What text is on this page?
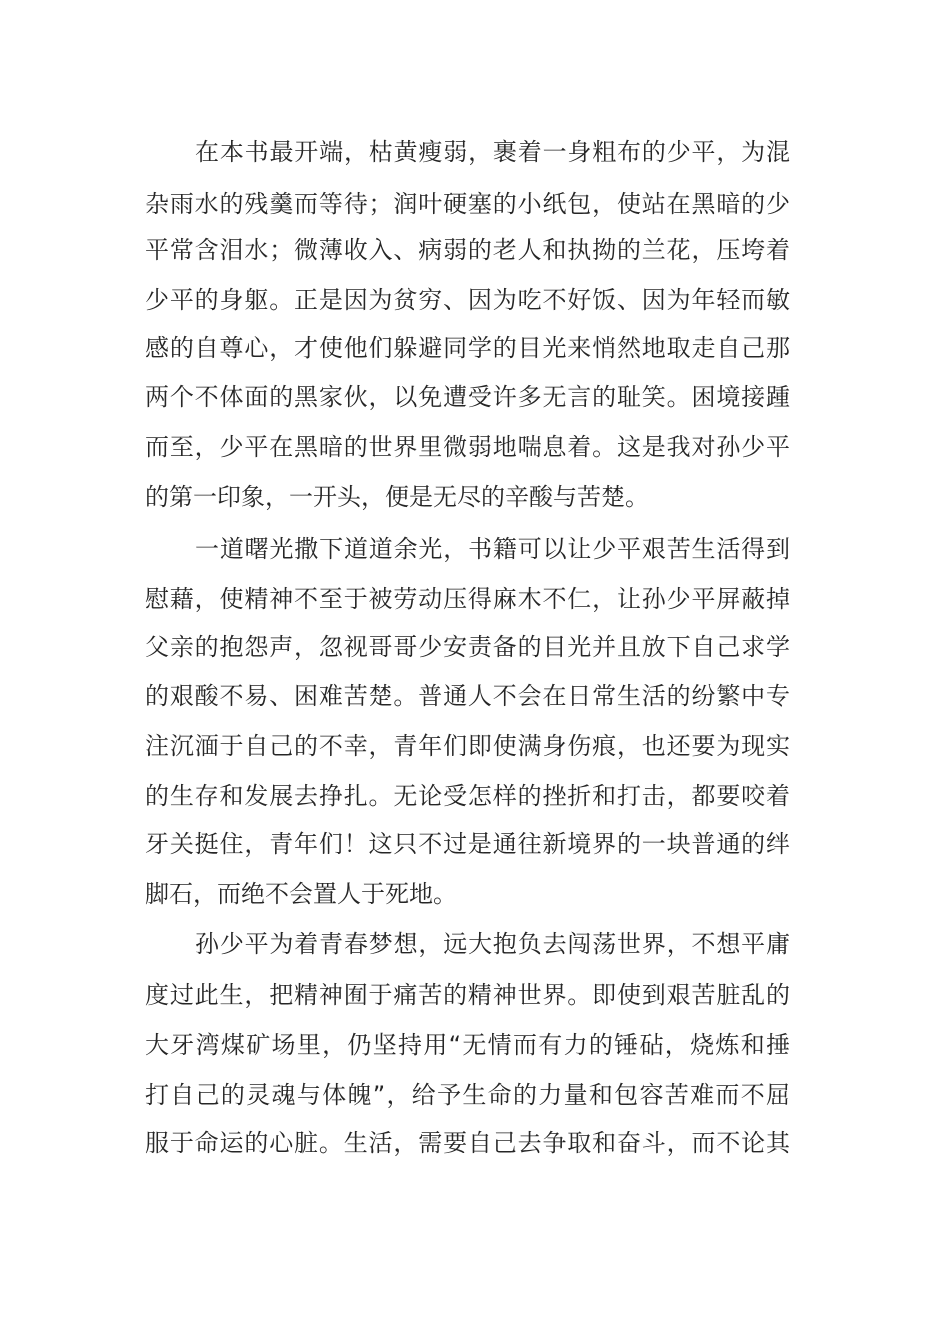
在本书最开端，枯黄瘦弱，裹着一身粗布的少平，为混
杂雨水的残羹而等待；润叶硬塞的小纸包，使站在黑暗的少
平常含泪水；微薄收入、病弱的老人和执拗的兰花，压垮着
少平的身躯。正是因为贫穷、因为吃不好饭、因为年轻而敏
感的自尊心，才使他们躲避同学的目光来悄然地取走自己那
两个不体面的黑家伙，以免遭受许多无言的耻笑。困境接踵
而至，少平在黑暗的世界里微弱地喘息着。这是我对孙少平
的第一印象，一开头，便是无尽的辛酸与苦楚。
一道曙光撒下道道余光，书籍可以让少平艰苦生活得到
慰藉，使精神不至于被劳动压得麻木不仁，让孙少平屏蔽掉
父亲的抱怨声，忽视哥哥少安责备的目光并且放下自己求学
的艰酸不易、困难苦楚。普通人不会在日常生活的纷繁中专
注沉湎于自己的不幸，青年们即使满身伤痕，也还要为现实
的生存和发展去挣扎。无论受怎样的挫折和打击，都要咬着
牙关挺住，青年们！这只不过是通往新境界的一块普通的绊
脚石，而绝不会置人于死地。
孙少平为着青春梦想，远大抱负去闯荡世界，不想平庸
度过此生，把精神囿于痛苦的精神世界。即使到艰苦脏乱的
大牙湾煤矿场里，仍坚持用“无情而有力的锤砧，烧炼和捶
打自己的灵魂与体魄”，给予生命的力量和包容苦难而不屈
服于命运的心脏。生活，需要自己去争取和奋斗，而不论其
